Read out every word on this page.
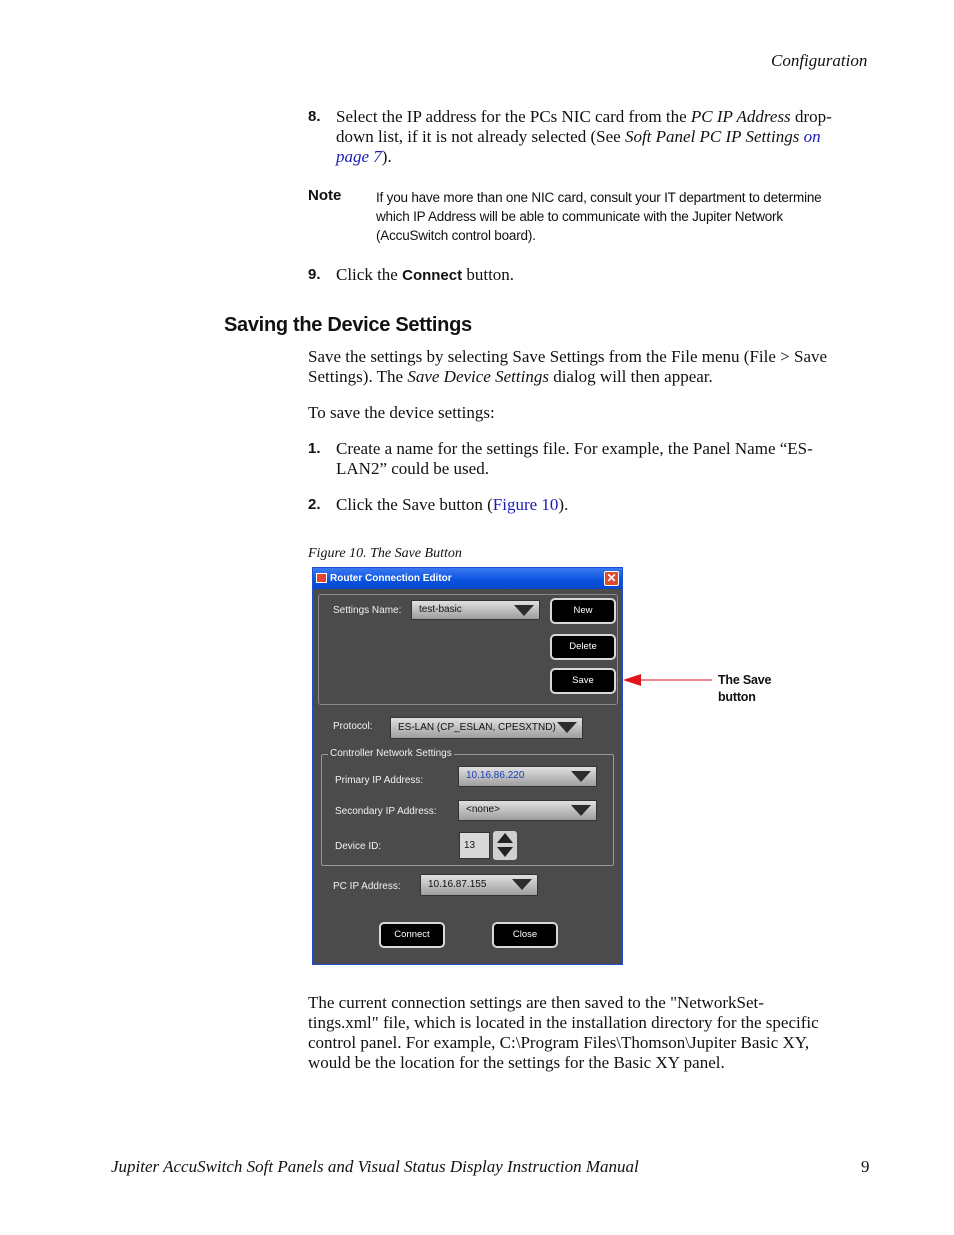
Configuration
8. Select the IP address for the PCs NIC card from the PC IP Address drop-
down list, if it is not already selected (See Soft Panel PC IP Settings on
page 7).
Note	If you have more than one NIC card, consult your IT department to determine
which IP Address will be able to communicate with the Jupiter Network
(AccuSwitch control board).
9. Click the Connect button.
Saving the Device Settings
Save the settings by selecting Save Settings from the File menu (File > Save
Settings). The Save Device Settings dialog will then appear.
To save the device settings:
1. Create a name for the settings file. For example, the Panel Name “ES-
LAN2” could be used.
2. Click the Save button (Figure 10).
Figure 10. The Save Button
Router Connection Editor	✕
Settings Name:	test-basic	New
Delete
Save
Protocol:	ES-LAN (CP_ESLAN, CPESXTND)
Controller Network Settings
Primary IP Address:	10.16.86.220
Secondary IP Address:	<none>
Device ID:	13
PC IP Address:	10.16.87.155
Connect	Close
The Save
button
The current connection settings are then saved to the "NetworkSet-
tings.xml" file, which is located in the installation directory for the specific
control panel. For example, C:\Program Files\Thomson\Jupiter Basic XY,
would be the location for the settings for the Basic XY panel.
Jupiter AccuSwitch Soft Panels and Visual Status Display Instruction Manual	9
